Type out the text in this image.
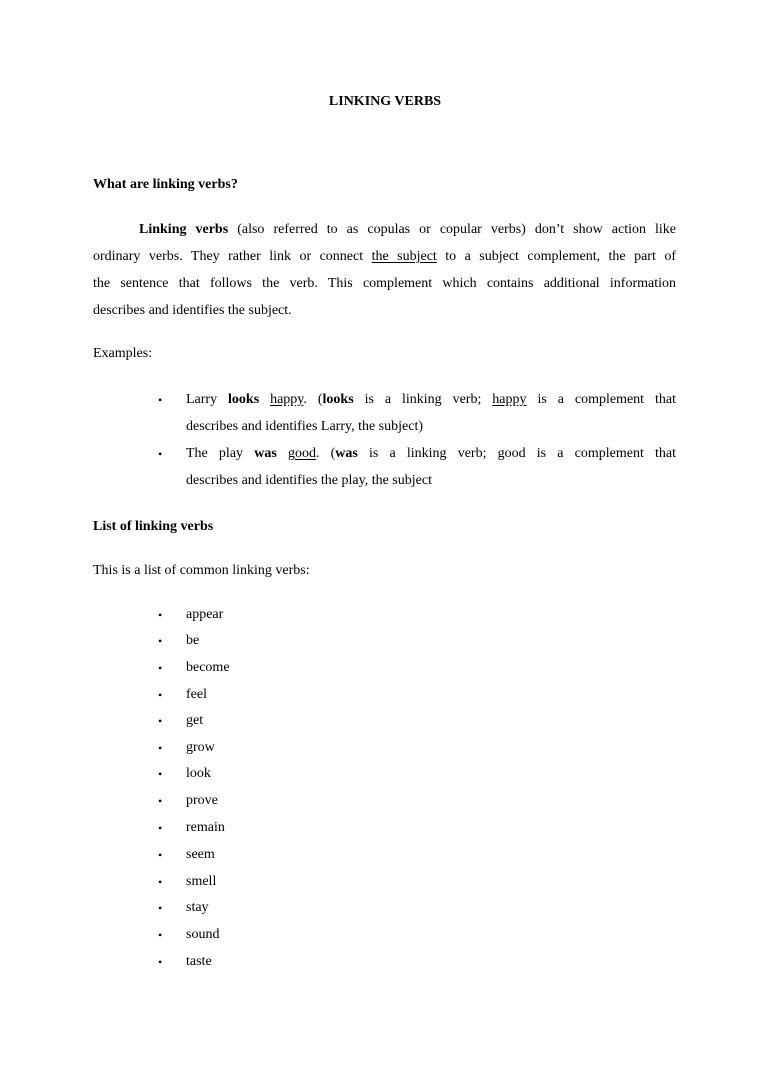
LINKING VERBS
What are linking verbs?
Linking verbs (also referred to as copulas or copular verbs) don’t show action like
ordinary verbs. They rather link or connect the subject to a subject complement, the part of
the sentence that follows the verb. This complement which contains additional information
describes and identifies the subject.
Examples:
• Larry looks happy. (looks is a linking verb; happy is a complement that
describes and identifies Larry, the subject)
• The play was good. (was is a linking verb; good is a complement that
describes and identifies the play, the subject
List of linking verbs
This is a list of common linking verbs:
• appear
• be
• become
• feel
• get
• grow
• look
• prove
• remain
• seem
• smell
• stay
• sound
• taste
